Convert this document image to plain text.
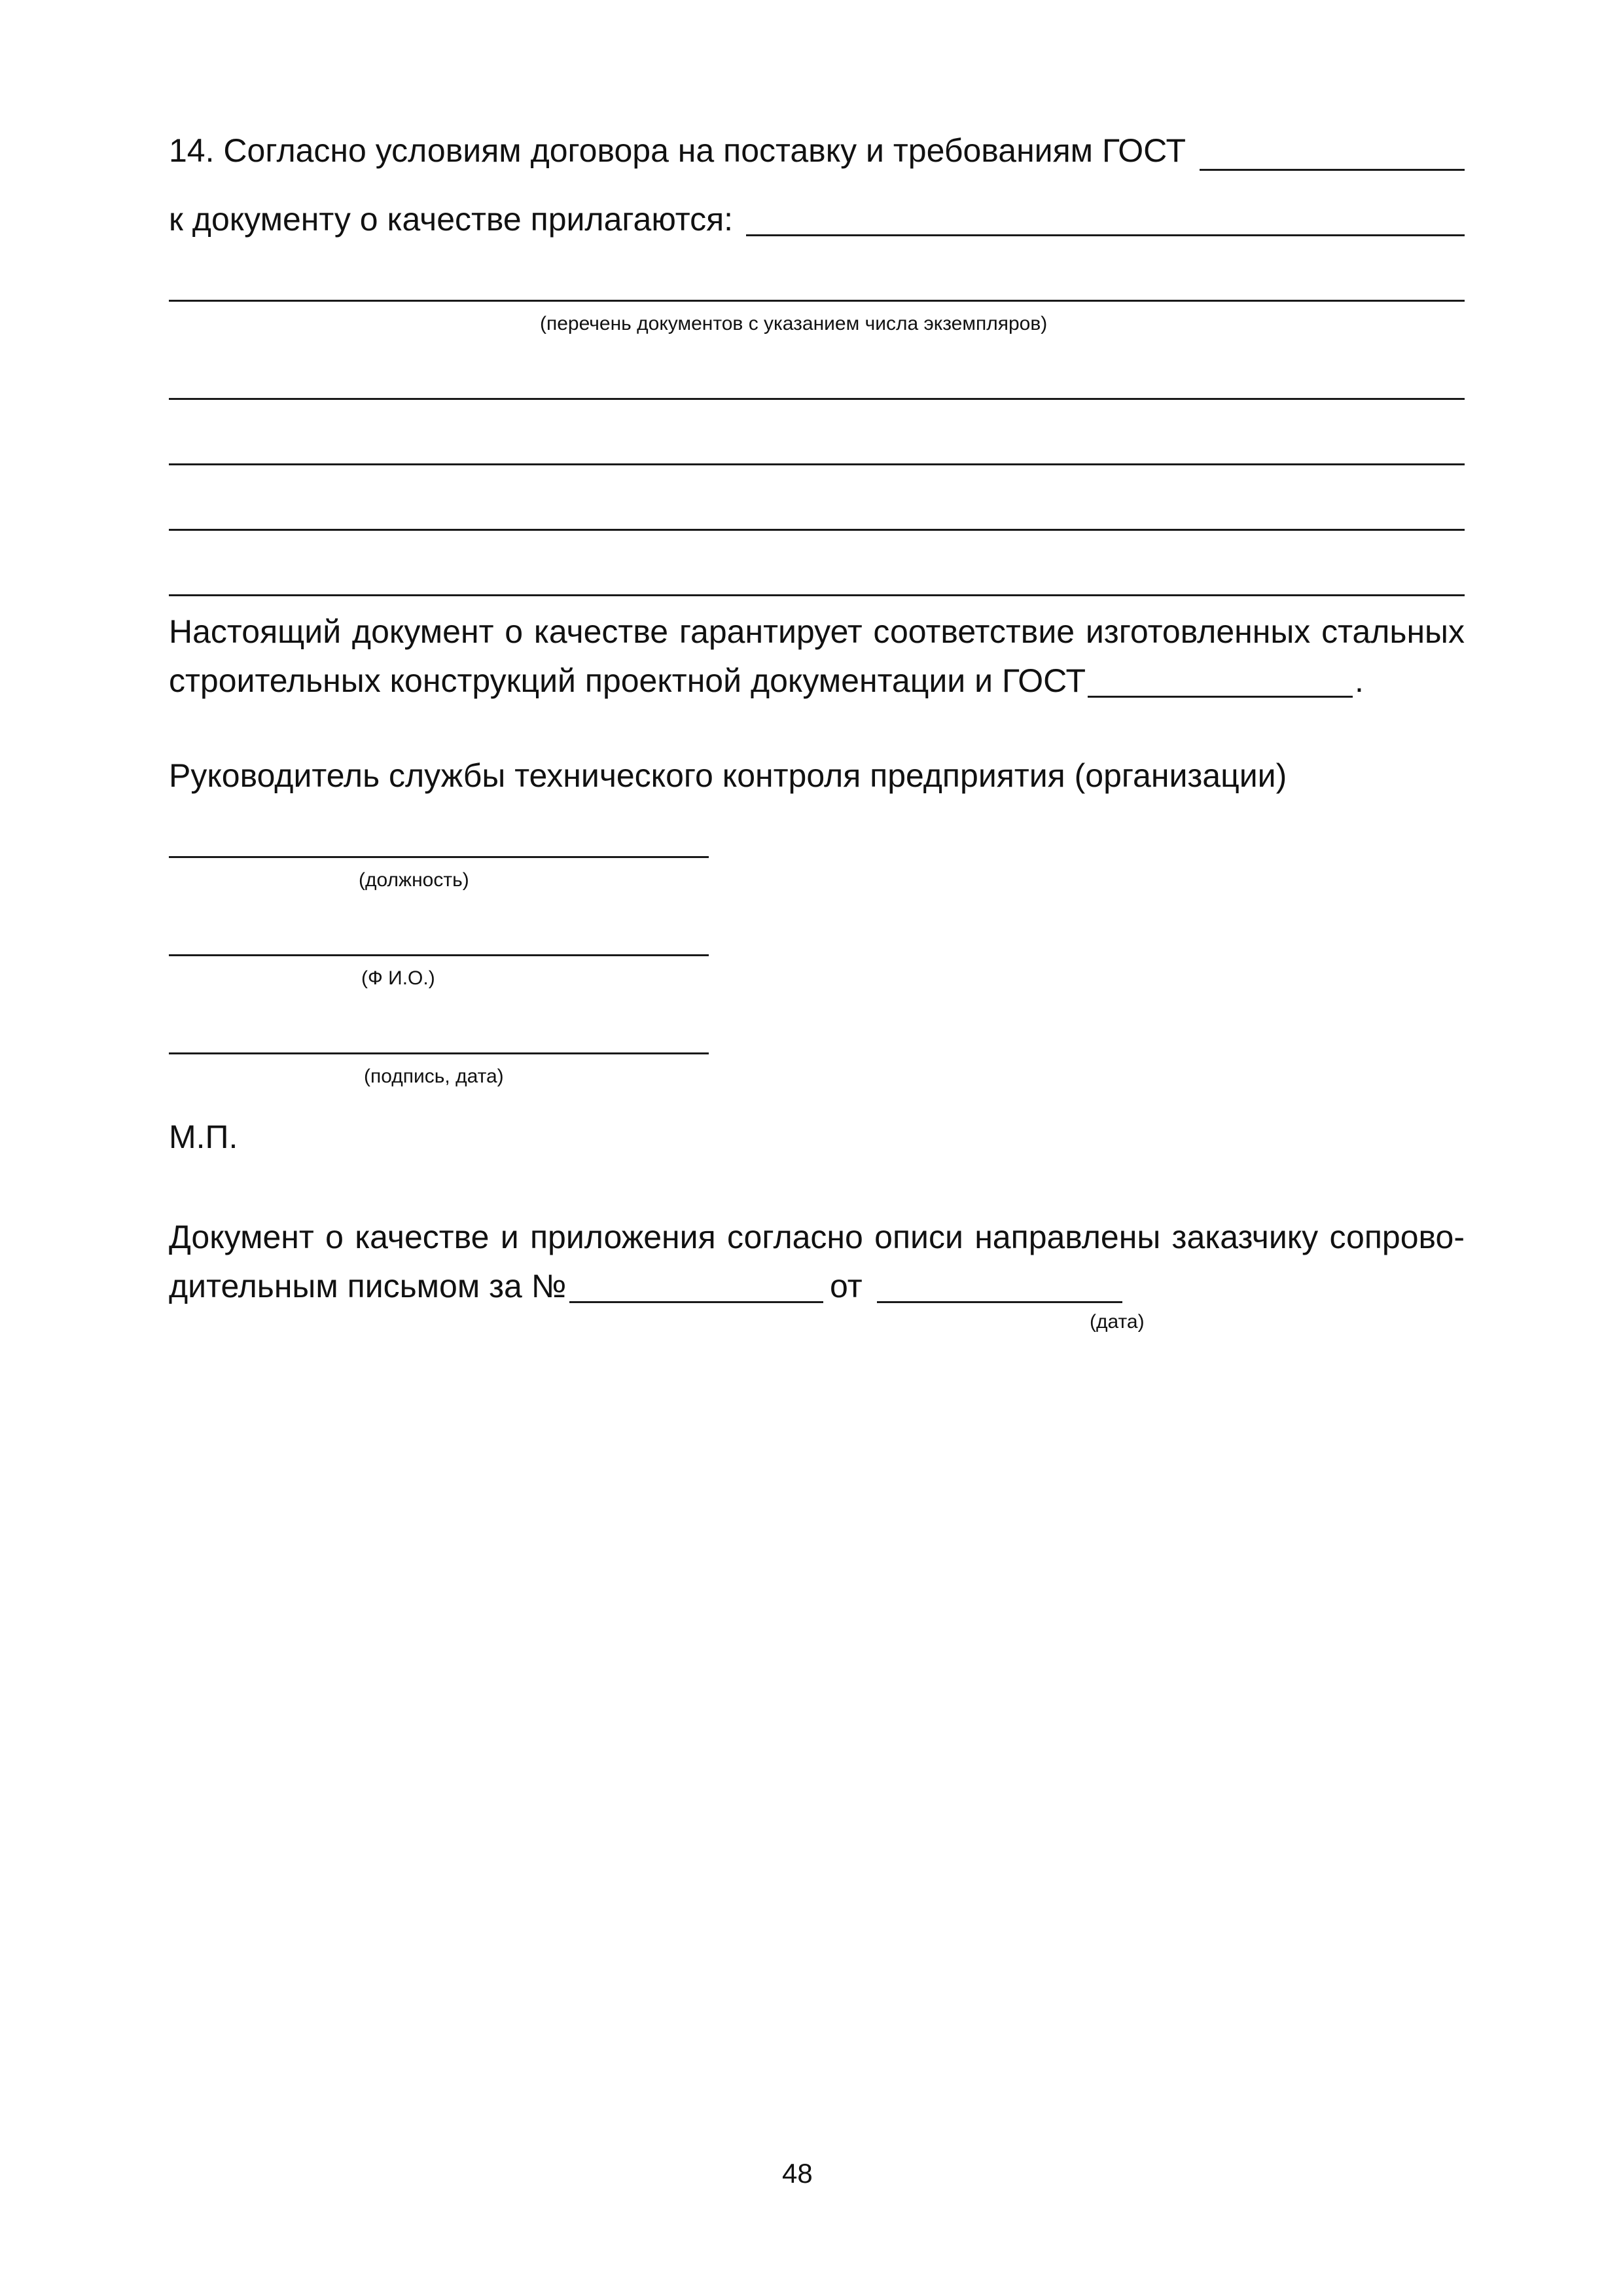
14. Согласно условиям договора на поставку и требованиям ГОСТ
к документу о качестве прилагаются:
(перечень документов с указанием числа экземпляров)
Настоящий документ о качестве гарантирует соответствие изготовленных стальных
строительных конструкций проектной документации и ГОСТ	.
Руководитель службы технического контроля предприятия (организации)
(должность)
(Ф И.О.)
(подпись, дата)
М.П.
Документ о качестве и приложения согласно описи направлены заказчику сопрово-
дительным письмом за №	от
(дата)
48
